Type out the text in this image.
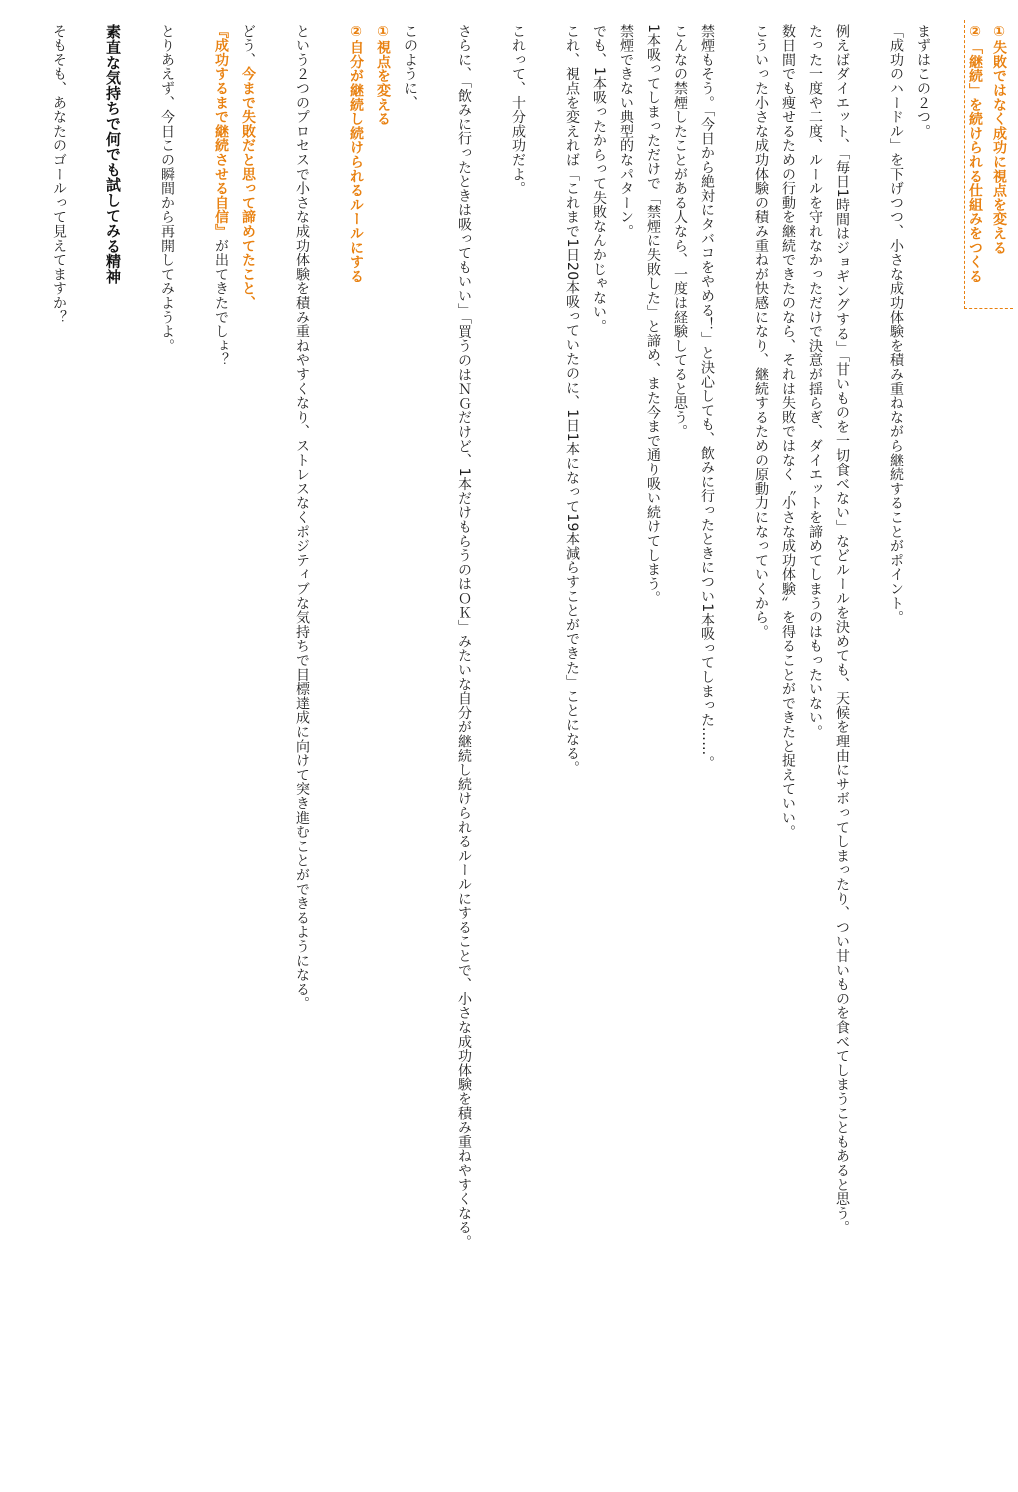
①失敗ではなく成功に視点を変える
②「継続」を続けられる仕組みをつくる
まずはこの２つ。
「成功のハードル」を下げつつ、小さな成功体験を積み重ねながら継続することがポイント。
例えばダイエット、「毎日1時間はジョギングする」「甘いものを一切食べない」などルールを決めても、天候を理由にサボってしまったり、つい甘いものを食べてしまうこともあると思う。
たった一度や二度、ルールを守れなかっただけで決意が揺らぎ、ダイエットを諦めてしまうのはもったいない。
数日間でも痩せるための行動を継続できたのなら、それは失敗ではなく〝小さな成功体験〟を得ることができたと捉えていい。
こういった小さな成功体験の積み重ねが快感になり、継続するための原動力になっていくから。
禁煙もそう。「今日から絶対にタバコをやめる！」と決心しても、飲みに行ったときについ1本吸ってしまった……。
こんなの禁煙したことがある人なら、一度は経験してると思う。
1本吸ってしまっただけで「禁煙に失敗した」と諦め、また今まで通り吸い続けてしまう。
禁煙できない典型的なパターン。
でも、1本吸ったからって失敗なんかじゃない。
これ、視点を変えれば「これまで1日20本吸っていたのに、1日1本になって19本減らすことができた」ことになる。
これって、十分成功だよ。
さらに、「飲みに行ったときは吸ってもいい」「買うのはＮＧだけど、1本だけもらうのはＯＫ」みたいな自分が継続し続けられるルールにすることで、小さな成功体験を積み重ねやすくなる。
このように、
①視点を変える
②自分が継続し続けられるルールにする
という２つのプロセスで小さな成功体験を積み重ねやすくなり、ストレスなくポジティブな気持ちで目標達成に向けて突き進むことができるようになる。
どう、今まで失敗だと思って諦めてたこと、
『成功するまで継続させる自信』が出てきたでしょ？
とりあえず、今日この瞬間から再開してみようよ。
素直な気持ちで何でも試してみる精神
そもそも、あなたのゴールって見えてますか？
